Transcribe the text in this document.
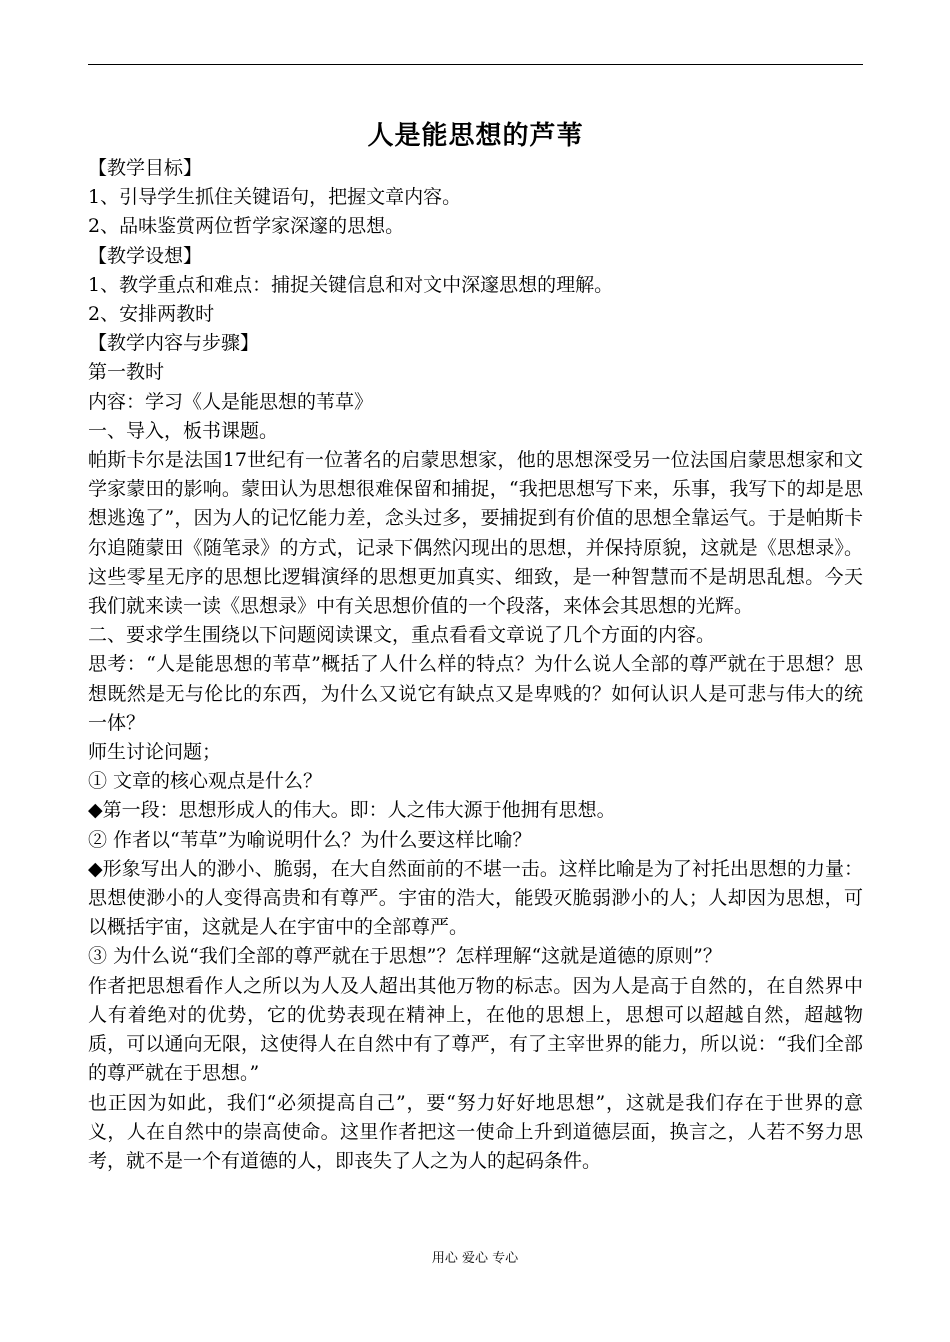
人是能思想的芦苇

【教学目标】

1、引导学生抓住关键语句，把握文章内容。

2、品味鉴赏两位哲学家深邃的思想。

【教学设想】

1、教学重点和难点：捕捉关键信息和对文中深邃思想的理解。

2、安排两教时

【教学内容与步骤】

第一教时

内容：学习《人是能思想的苇草》

一、导入，板书课题。

帕斯卡尔是法国17世纪有一位著名的启蒙思想家，他的思想深受另一位法国启蒙思想家和文学家蒙田的影响。蒙田认为思想很难保留和捕捉，“我把思想写下来，乐事，我写下的却是思想逃逸了”，因为人的记忆能力差，念头过多，要捕捉到有价值的思想全靠运气。于是帕斯卡尔追随蒙田《随笔录》的方式，记录下偶然闪现出的思想，并保持原貌，这就是《思想录》。这些零星无序的思想比逻辑演绎的思想更加真实、细致，是一种智慧而不是胡思乱想。今天我们就来读一读《思想录》中有关思想价值的一个段落，来体会其思想的光辉。

二、要求学生围绕以下问题阅读课文，重点看看文章说了几个方面的内容。

思考：“人是能思想的苇草”概括了人什么样的特点？为什么说人全部的尊严就在于思想？思想既然是无与伦比的东西，为什么又说它有缺点又是卑贱的？如何认识人是可悲与伟大的统一体？

师生讨论问题；

① 文章的核心观点是什么？

◆第一段：思想形成人的伟大。即：人之伟大源于他拥有思想。

② 作者以“苇草”为喻说明什么？为什么要这样比喻？

◆形象写出人的渺小、脆弱，在大自然面前的不堪一击。这样比喻是为了衬托出思想的力量：思想使渺小的人变得高贵和有尊严。宇宙的浩大，能毁灭脆弱渺小的人；人却因为思想，可以概括宇宙，这就是人在宇宙中的全部尊严。

③ 为什么说“我们全部的尊严就在于思想”？怎样理解“这就是道德的原则”？

作者把思想看作人之所以为人及人超出其他万物的标志。因为人是高于自然的，在自然界中人有着绝对的优势，它的优势表现在精神上，在他的思想上，思想可以超越自然，超越物质，可以通向无限，这使得人在自然中有了尊严，有了主宰世界的能力，所以说：“我们全部的尊严就在于思想。”

也正因为如此，我们“必须提高自己”，要“努力好好地思想”，这就是我们存在于世界的意义，人在自然中的崇高使命。这里作者把这一使命上升到道德层面，换言之，人若不努力思考，就不是一个有道德的人，即丧失了人之为人的起码条件。

用心 爱心 专心
